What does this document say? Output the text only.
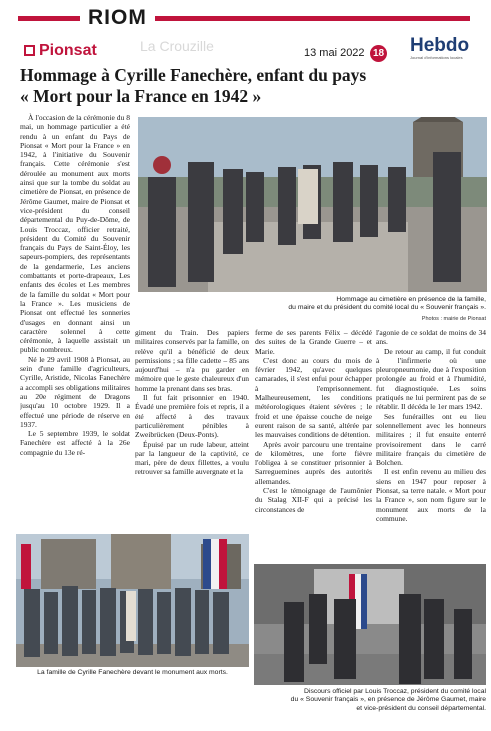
RIOM
Pionsat	La Crouzille	13 mai 2022 18 Hebdo
Journal d'informations locales
Hommage à Cyrille Fanechère, enfant du pays
« Mort pour la France en 1942 »

À l'occasion de la cérémonie du 8 mai, un hommage particulier a été rendu à un enfant du Pays de Pionsat « Mort pour la France » en 1942, à l'initiative du Souvenir français. Cette cérémonie s'est déroulée au monument aux morts ainsi que sur la tombe du soldat au cimetière de Pionsat, en présence de Jérôme Gaumet, maire de Pionsat et vice-président du conseil départemental du Puy-de-Dôme, de Louis Troccaz, officier retraité, président du Comité du Souvenir français du Pays de Saint-Éloy, les sapeurs-pompiers, des représentants de la gendarmerie, Les anciens combattants et porte-drapeaux, Les enfants des écoles et Les membres de la famille du soldat « Mort pour la France ». Les musiciens de Pionsat ont effectué les sonneries d'usages en donnant ainsi un caractère solennel à cette cérémonie, à laquelle assistait un public nombreux.

Né le 29 avril 1908 à Pionsat, au sein d'une famille d'agriculteurs, Cyrille, Aristide, Nicolas Fanechère a accompli ses obligations militaires au 20e régiment de Dragons jusqu'au 10 octobre 1929. Il a effectué une période de réserve en 1937.

Le 5 septembre 1939, le soldat Fanechère est affecté à la 26e compagnie du 13e ré-

Hommage au cimetière en présence de la famille,
du maire et du président du comité local du « Souvenir français ».
Photos : mairie de Pionsat

giment du Train. Des papiers militaires conservés par la famille, on relève qu'il a bénéficié de deux permissions ; sa fille cadette – 85 ans aujourd'hui – n'a pu garder en mémoire que le geste chaleureux d'un homme la prenant dans ses bras.

Il fut fait prisonnier en 1940. Évadé une première fois et repris, il a été affecté à des travaux particulièrement pénibles à Zweibrücken (Deux-Ponts).

Épuisé par un rude labeur, atteint par la langueur de la captivité, ce mari, père de deux fillettes, a voulu retrouver sa famille auvergnate et la

ferme de ses parents Félix – décédé des suites de la Grande Guerre – et Marie.

C'est donc au cours du mois de février 1942, qu'avec quelques camarades, il s'est enfui pour échapper à l'emprisonnement. Malheureusement, les conditions météorologiques étaient sévères ; le froid et une épaisse couche de neige eurent raison de sa santé, altérée par les mauvaises conditions de détention.

Après avoir parcouru une trentaine de kilomètres, une forte fièvre l'obligea à se constituer prisonnier à Sarreguemines auprès des autorités allemandes.

C'est le témoignage de l'aumônier du Stalag XII-F qui a précisé les circonstances de

l'agonie de ce soldat de moins de 34 ans.

De retour au camp, il fut conduit à l'infirmerie où une pleuropneumonie, due à l'exposition prolongée au froid et à l'humidité, fut diagnostiquée. Les soins pratiqués ne lui permirent pas de se rétablir. Il décéda le 1er mars 1942.

Ses funérailles ont eu lieu solennellement avec les honneurs militaires ; il fut ensuite enterré provisoirement dans le carré militaire français du cimetière de Bolchen.

Il est enfin revenu au milieu des siens en 1947 pour reposer à Pionsat, sa terre natale. « Mort pour la France », son nom figure sur le monument aux morts de la commune.

La famille de Cyrille Fanechère devant le monument aux morts.
Discours officiel par Louis Troccaz, président du comité local
du « Souvenir français », en présence de Jérôme Gaumet, maire
et vice-président du conseil départemental.
